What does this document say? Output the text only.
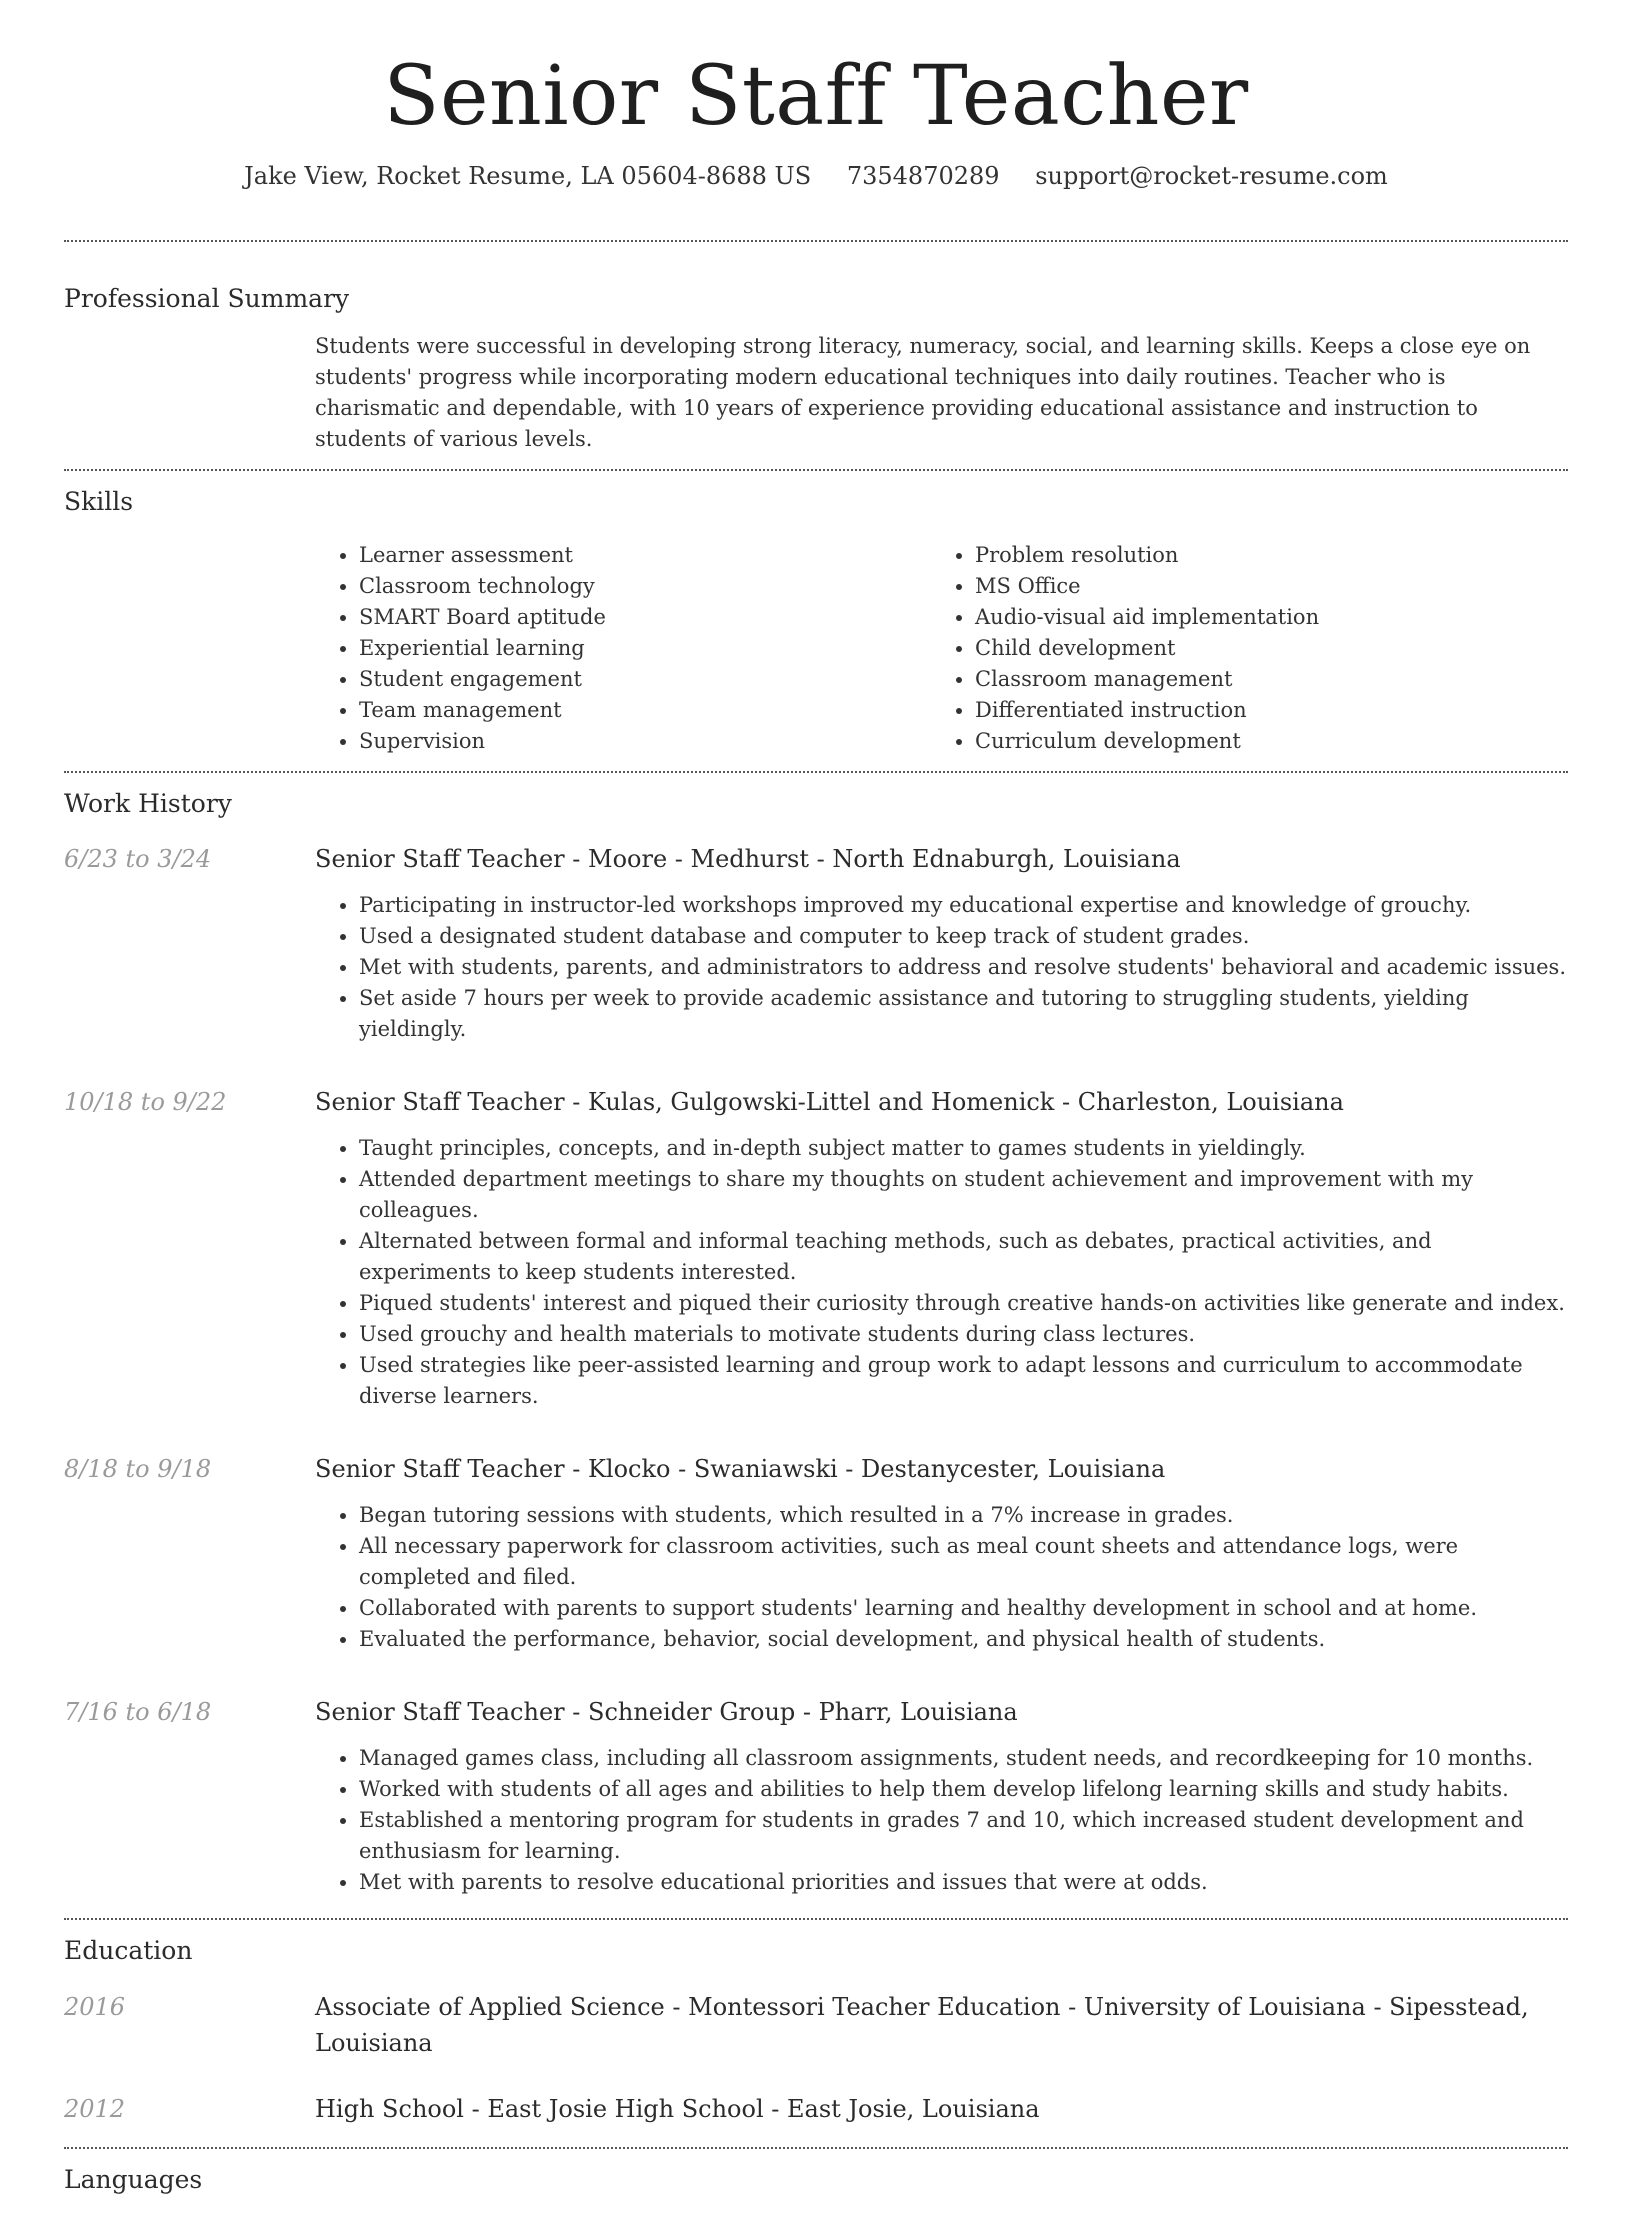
Senior Staff Teacher
Jake View, Rocket Resume, LA 05604-8688 US 7354870289 support@rocket-resume.com
Professional Summary
Students were successful in developing strong literacy, numeracy, social, and learning skills. Keeps a close eye on students' progress while incorporating modern educational techniques into daily routines. Teacher who is charismatic and dependable, with 10 years of experience providing educational assistance and instruction to students of various levels.
Skills
• Learner assessment
• Classroom technology
• SMART Board aptitude
• Experiential learning
• Student engagement
• Team management
• Supervision
• Problem resolution
• MS Office
• Audio-visual aid implementation
• Child development
• Classroom management
• Differentiated instruction
• Curriculum development
Work History
6/23 to 3/24	Senior Staff Teacher - Moore - Medhurst - North Ednaburgh, Louisiana
• Participating in instructor-led workshops improved my educational expertise and knowledge of grouchy.
• Used a designated student database and computer to keep track of student grades.
• Met with students, parents, and administrators to address and resolve students' behavioral and academic issues.
• Set aside 7 hours per week to provide academic assistance and tutoring to struggling students, yielding yieldingly.
10/18 to 9/22	Senior Staff Teacher - Kulas, Gulgowski-Littel and Homenick - Charleston, Louisiana
• Taught principles, concepts, and in-depth subject matter to games students in yieldingly.
• Attended department meetings to share my thoughts on student achievement and improvement with my colleagues.
• Alternated between formal and informal teaching methods, such as debates, practical activities, and experiments to keep students interested.
• Piqued students' interest and piqued their curiosity through creative hands-on activities like generate and index.
• Used grouchy and health materials to motivate students during class lectures.
• Used strategies like peer-assisted learning and group work to adapt lessons and curriculum to accommodate diverse learners.
8/18 to 9/18	Senior Staff Teacher - Klocko - Swaniawski - Destanycester, Louisiana
• Began tutoring sessions with students, which resulted in a 7% increase in grades.
• All necessary paperwork for classroom activities, such as meal count sheets and attendance logs, were completed and filed.
• Collaborated with parents to support students' learning and healthy development in school and at home.
• Evaluated the performance, behavior, social development, and physical health of students.
7/16 to 6/18	Senior Staff Teacher - Schneider Group - Pharr, Louisiana
• Managed games class, including all classroom assignments, student needs, and recordkeeping for 10 months.
• Worked with students of all ages and abilities to help them develop lifelong learning skills and study habits.
• Established a mentoring program for students in grades 7 and 10, which increased student development and enthusiasm for learning.
• Met with parents to resolve educational priorities and issues that were at odds.
Education
2016	Associate of Applied Science - Montessori Teacher Education - University of Louisiana - Sipesstead, Louisiana
2012	High School - East Josie High School - East Josie, Louisiana
Languages
